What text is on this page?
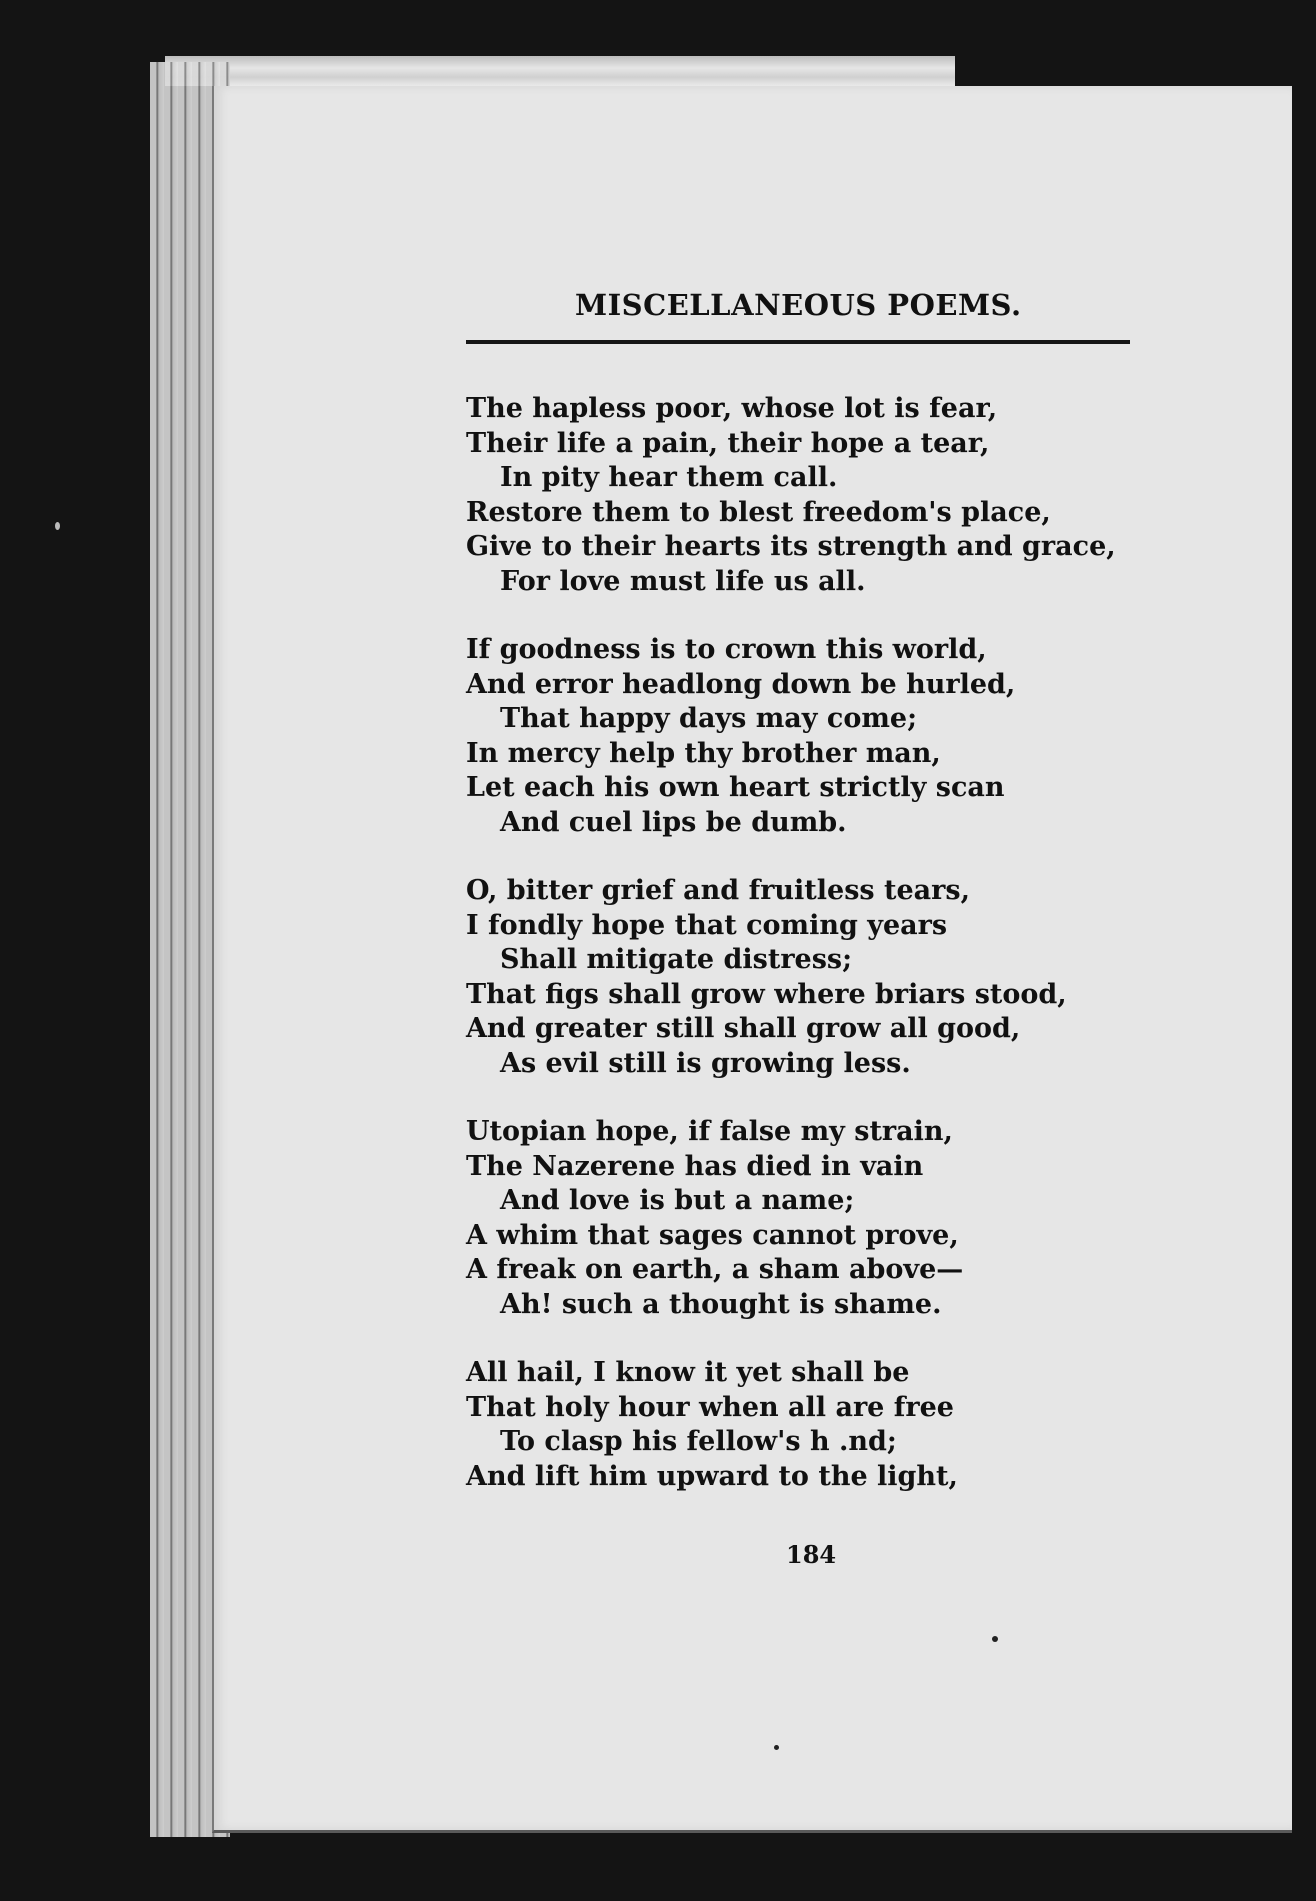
MISCELLANEOUS POEMS.
The hapless poor, whose lot is fear,
Their life a pain, their hope a tear,
In pity hear them call.
Restore them to blest freedom's place,
Give to their hearts its strength and grace,
For love must life us all.
If goodness is to crown this world,
And error headlong down be hurled,
That happy days may come;
In mercy help thy brother man,
Let each his own heart strictly scan
And cuel lips be dumb.
O, bitter grief and fruitless tears,
I fondly hope that coming years
Shall mitigate distress;
That figs shall grow where briars stood,
And greater still shall grow all good,
As evil still is growing less.
Utopian hope, if false my strain,
The Nazerene has died in vain
And love is but a name;
A whim that sages cannot prove,
A freak on earth, a sham above—
Ah! such a thought is shame.
All hail, I know it yet shall be
That holy hour when all are free
To clasp his fellow's h .nd;
And lift him upward to the light,
184
